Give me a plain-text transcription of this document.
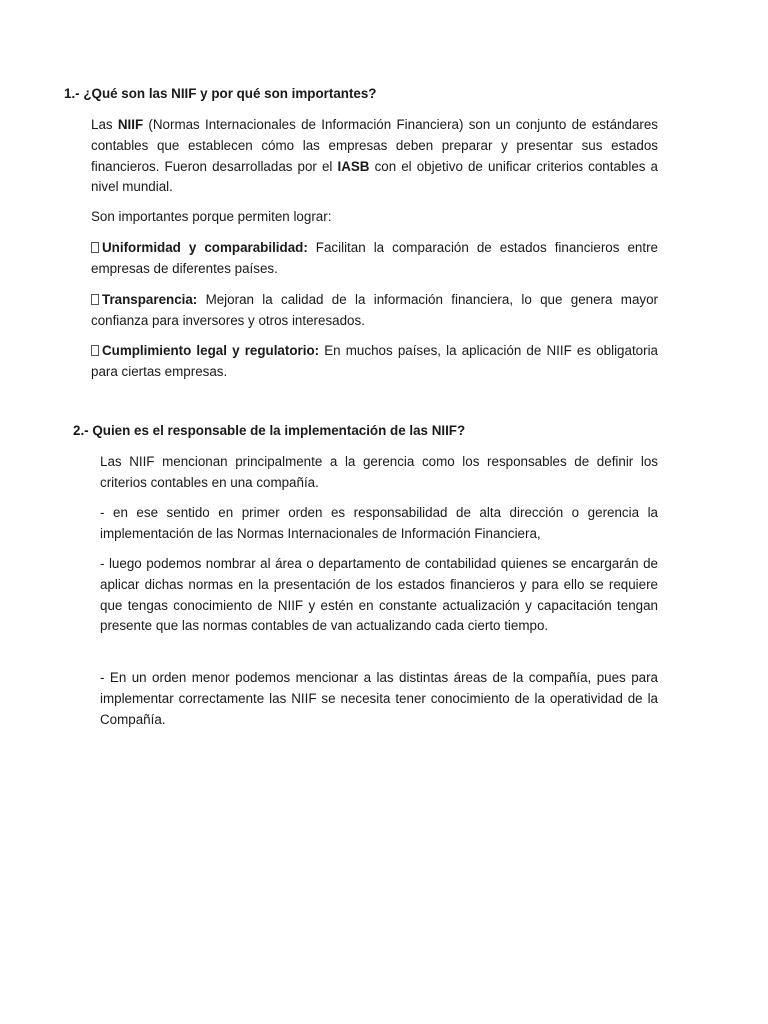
1.- ¿Qué son las NIIF y por qué son importantes?

Las NIIF (Normas Internacionales de Información Financiera) son un conjunto de estándares contables que establecen cómo las empresas deben preparar y presentar sus estados financieros. Fueron desarrolladas por el IASB con el objetivo de unificar criterios contables a nivel mundial.

Son importantes porque permiten lograr:

Uniformidad y comparabilidad: Facilitan la comparación de estados financieros entre empresas de diferentes países.

Transparencia: Mejoran la calidad de la información financiera, lo que genera mayor confianza para inversores y otros interesados.

Cumplimiento legal y regulatorio: En muchos países, la aplicación de NIIF es obligatoria para ciertas empresas.

2.- Quien es el responsable de la implementación de las NIIF?

Las NIIF mencionan principalmente a la gerencia como los responsables de definir los criterios contables en una compañía.

- en ese sentido en primer orden es responsabilidad de alta dirección o gerencia la implementación de las Normas Internacionales de Información Financiera,

- luego podemos nombrar al área o departamento de contabilidad quienes se encargarán de aplicar dichas normas en la presentación de los estados financieros y para ello se requiere que tengas conocimiento de NIIF y estén en constante actualización y capacitación tengan presente que las normas contables de van actualizando cada cierto tiempo.

- En un orden menor podemos mencionar a las distintas áreas de la compañía, pues para implementar correctamente las NIIF se necesita tener conocimiento de la operatividad de la Compañía.
